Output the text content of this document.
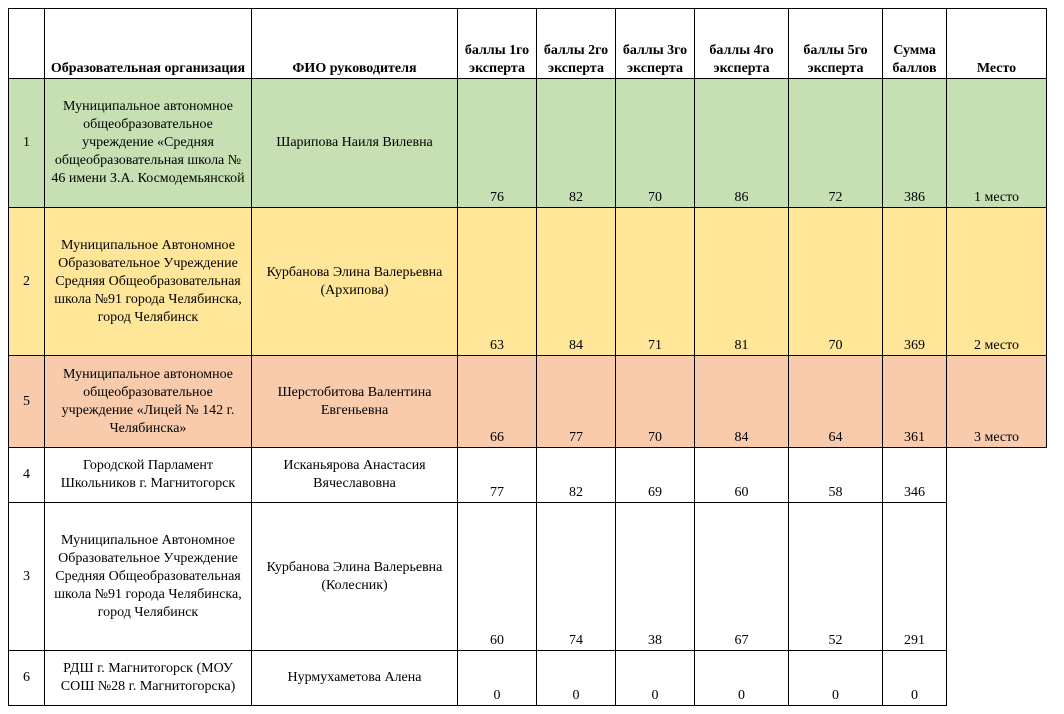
	Образовательная организация	ФИО руководителя	баллы 1го эксперта	баллы 2го эксперта	баллы 3го эксперта	баллы 4го эксперта	баллы 5го эксперта	Сумма баллов	Место
1	Муниципальное автономное общеобразовательное учреждение «Средняя общеобразовательная школа № 46 имени З.А. Космодемьянской	Шарипова Наиля Вилевна	76	82	70	86	72	386	1 место
2	Муниципальное Автономное Образовательное Учреждение Средняя Общеобразовательная школа №91 города Челябинска, город Челябинск	Курбанова Элина Валерьевна (Архипова)	63	84	71	81	70	369	2 место
5	Муниципальное автономное общеобразовательное учреждение «Лицей № 142 г. Челябинска»	Шерстобитова Валентина Евгеньевна	66	77	70	84	64	361	3 место
4	Городской Парламент Школьников г. Магнитогорск	Исканьярова Анастасия Вячеславовна	77	82	69	60	58	346	
3	Муниципальное Автономное Образовательное Учреждение Средняя Общеобразовательная школа №91 города Челябинска, город Челябинск	Курбанова Элина Валерьевна (Колесник)	60	74	38	67	52	291	
6	РДШ г. Магнитогорск (МОУ СОШ №28 г. Магнитогорска)	Нурмухаметова Алена	0	0	0	0	0	0	
